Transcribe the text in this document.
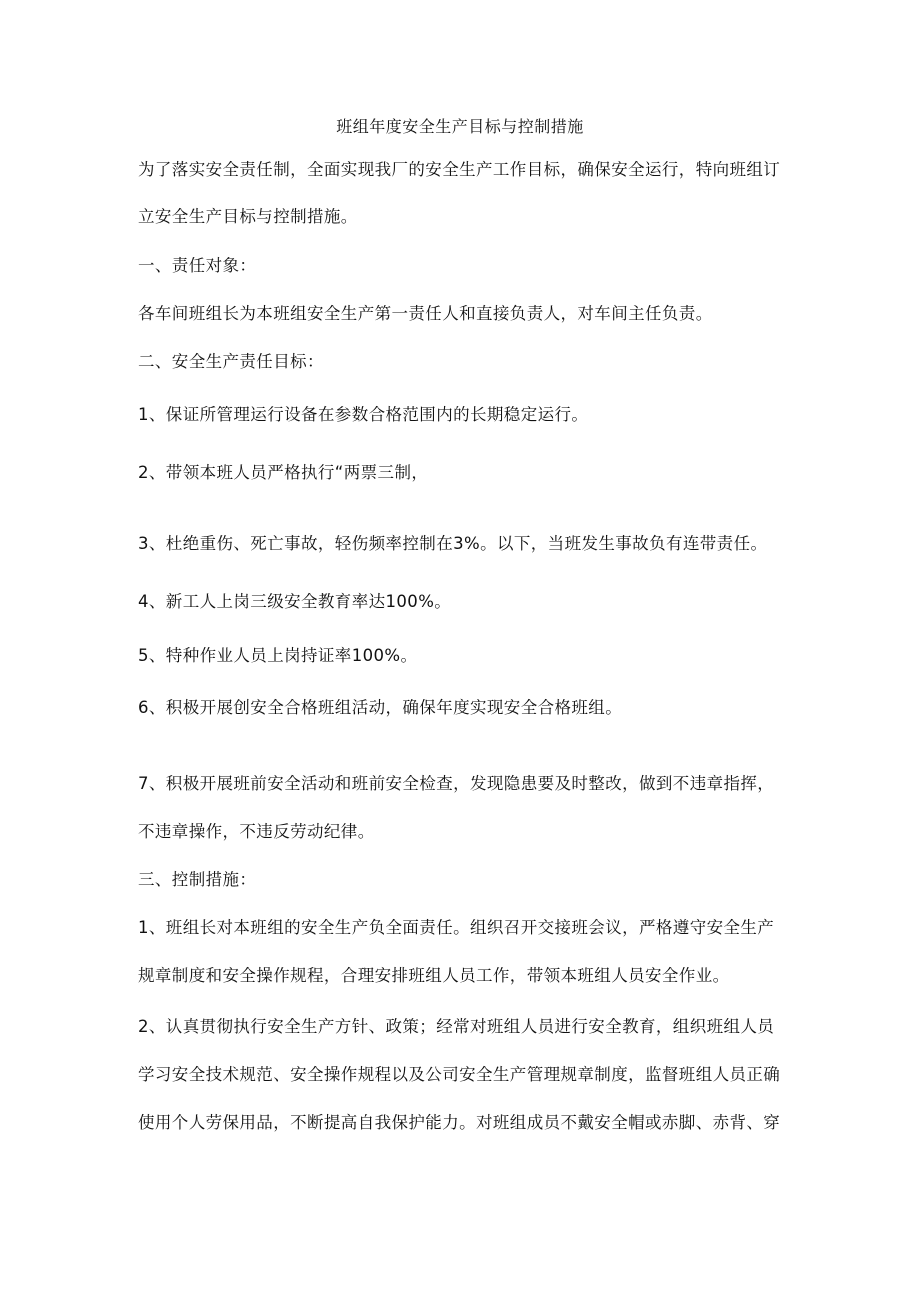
班组年度安全生产目标与控制措施
为了落实安全责任制，全面实现我厂的安全生产工作目标，确保安全运行，特向班组订
立安全生产目标与控制措施。
一、责任对象：
各车间班组长为本班组安全生产第一责任人和直接负责人，对车间主任负责。
二、安全生产责任目标：
1、保证所管理运行设备在参数合格范围内的长期稳定运行。
2、带领本班人员严格执行“两票三制，
3、杜绝重伤、死亡事故，轻伤频率控制在3%。以下，当班发生事故负有连带责任。
4、新工人上岗三级安全教育率达100%。
5、特种作业人员上岗持证率100%。
6、积极开展创安全合格班组活动，确保年度实现安全合格班组。
7、积极开展班前安全活动和班前安全检查，发现隐患要及时整改，做到不违章指挥，
不违章操作，不违反劳动纪律。
三、控制措施：
1、班组长对本班组的安全生产负全面责任。组织召开交接班会议，严格遵守安全生产
规章制度和安全操作规程，合理安排班组人员工作，带领本班组人员安全作业。
2、认真贯彻执行安全生产方针、政策；经常对班组人员进行安全教育，组织班组人员
学习安全技术规范、安全操作规程以及公司安全生产管理规章制度，监督班组人员正确
使用个人劳保用品，不断提高自我保护能力。对班组成员不戴安全帽或赤脚、赤背、穿
